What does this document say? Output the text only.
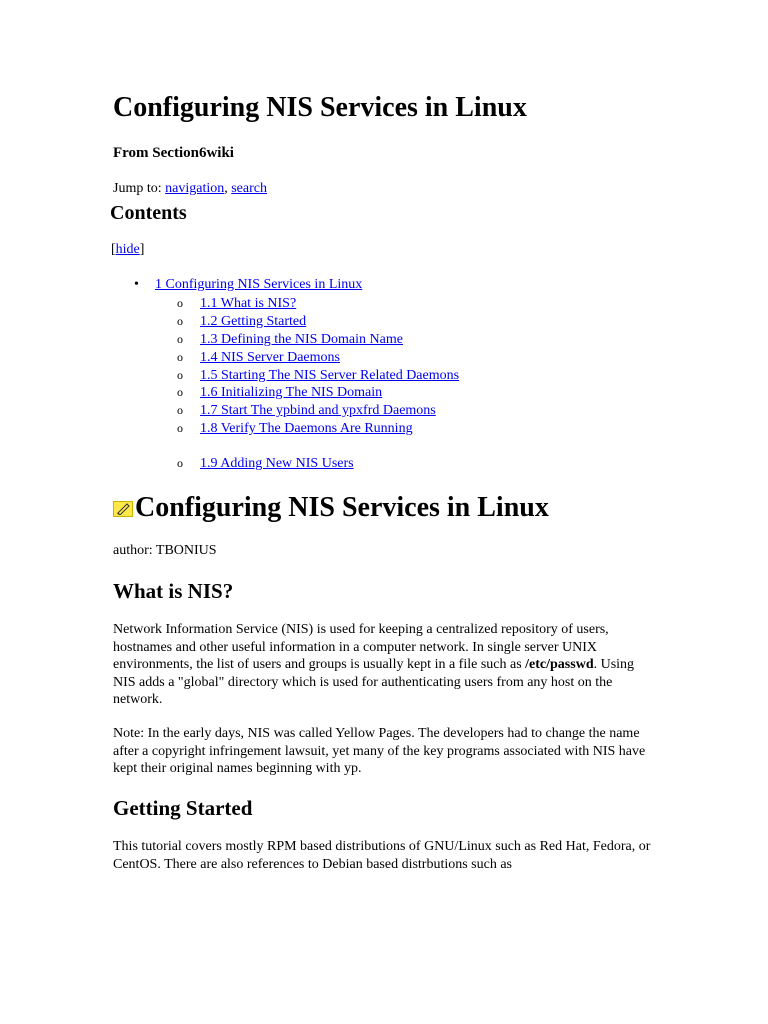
Configuring NIS Services in Linux
From Section6wiki
Jump to: navigation, search
Contents
[hide]
• 1 Configuring NIS Services in Linux
o 1.1 What is NIS?
o 1.2 Getting Started
o 1.3 Defining the NIS Domain Name
o 1.4 NIS Server Daemons
o 1.5 Starting The NIS Server Related Daemons
o 1.6 Initializing The NIS Domain
o 1.7 Start The ypbind and ypxfrd Daemons
o 1.8 Verify The Daemons Are Running
o 1.9 Adding New NIS Users
Configuring NIS Services in Linux
author: TBONIUS
What is NIS?
Network Information Service (NIS) is used for keeping a centralized repository of users, hostnames and other useful information in a computer network. In single server UNIX environments, the list of users and groups is usually kept in a file such as /etc/passwd. Using NIS adds a "global" directory which is used for authenticating users from any host on the network.
Note: In the early days, NIS was called Yellow Pages. The developers had to change the name after a copyright infringement lawsuit, yet many of the key programs associated with NIS have kept their original names beginning with yp.
Getting Started
This tutorial covers mostly RPM based distributions of GNU/Linux such as Red Hat, Fedora, or CentOS. There are also references to Debian based distrbutions such as
